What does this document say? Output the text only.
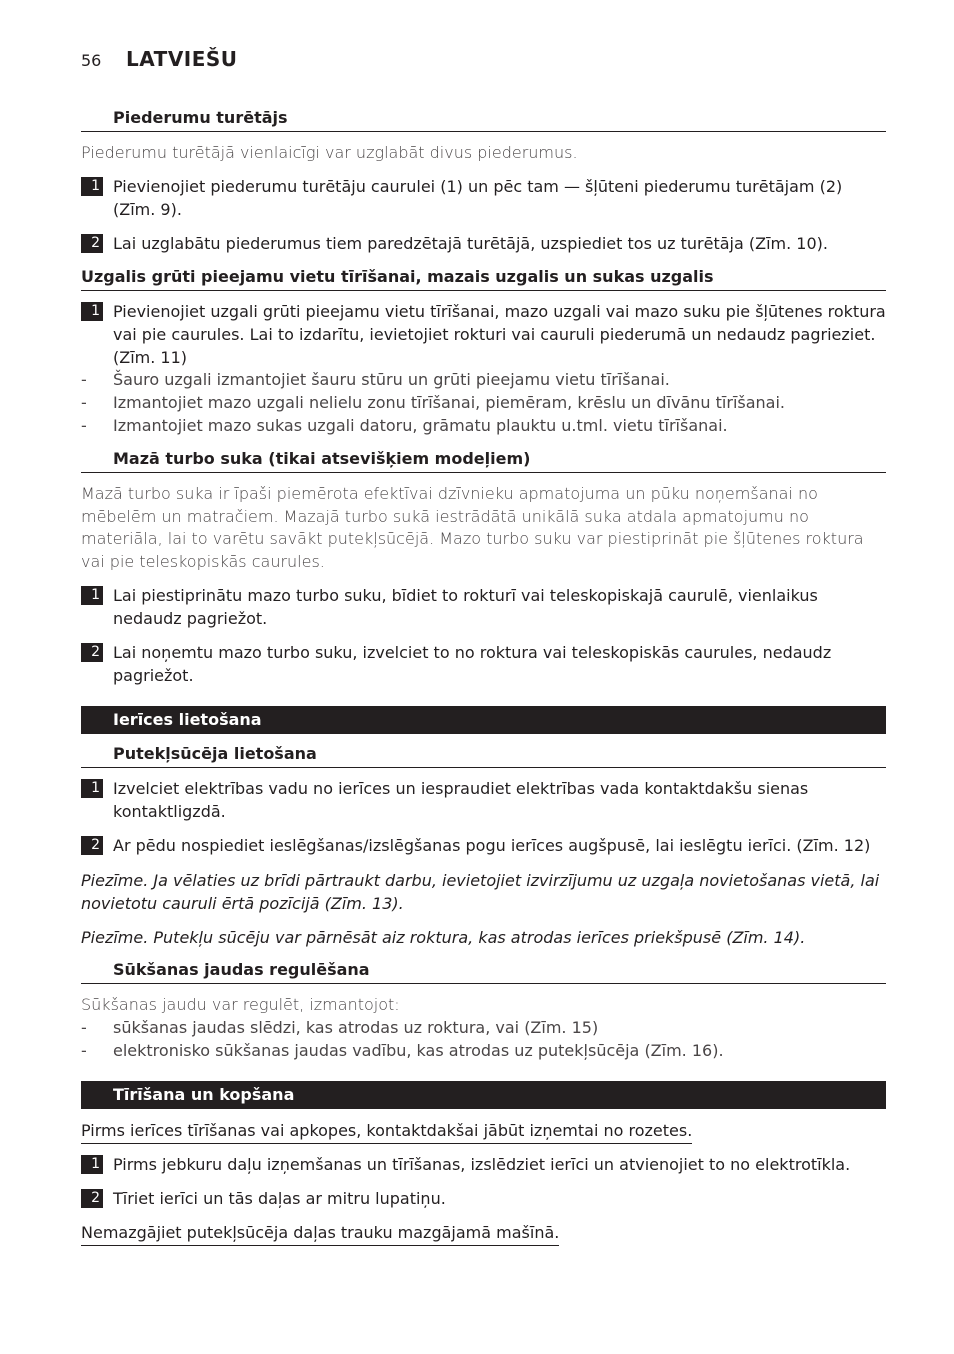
56	LATVIEŠU
Piederumu turētājs
Piederumu turētājā vienlaicīgi var uzglabāt divus piederumus.
1 Pievienojiet piederumu turētāju caurulei (1) un pēc tam — šļūteni piederumu turētājam (2) (Zīm. 9).
2 Lai uzglabātu piederumus tiem paredzētajā turētājā, uzspiediet tos uz turētāja (Zīm. 10).
Uzgalis grūti pieejamu vietu tīrīšanai, mazais uzgalis un sukas uzgalis
1 Pievienojiet uzgali grūti pieejamu vietu tīrīšanai, mazo uzgali vai mazo suku pie šļūtenes roktura vai pie caurules. Lai to izdarītu, ievietojiet rokturi vai cauruli piederumā un nedaudz pagrieziet. (Zīm. 11)
-	Šauro uzgali izmantojiet šauru stūru un grūti pieejamu vietu tīrīšanai.
-	Izmantojiet mazo uzgali nelielu zonu tīrīšanai, piemēram, krēslu un dīvānu tīrīšanai.
-	Izmantojiet mazo sukas uzgali datoru, grāmatu plauktu u.tml. vietu tīrīšanai.
Mazā turbo suka (tikai atsevišķiem modeļiem)
Mazā turbo suka ir īpaši piemērota efektīvai dzīvnieku apmatojuma un pūku noņemšanai no mēbelēm un matračiem. Mazajā turbo sukā iestrādātā unikālā suka atdala apmatojumu no materiāla, lai to varētu savākt putekļsūcējā. Mazo turbo suku var piestiprināt pie šļūtenes roktura vai pie teleskopiskās caurules.
1 Lai piestiprinātu mazo turbo suku, bīdiet to rokturī vai teleskopiskajā caurulē, vienlaikus nedaudz pagriežot.
2 Lai noņemtu mazo turbo suku, izvelciet to no roktura vai teleskopiskās caurules, nedaudz pagriežot.
Ierīces lietošana
Putekļsūcēja lietošana
1 Izvelciet elektrības vadu no ierīces un iespraudiet elektrības vada kontaktdakšu sienas kontaktligzdā.
2 Ar pēdu nospiediet ieslēgšanas/izslēgšanas pogu ierīces augšpusē, lai ieslēgtu ierīci. (Zīm. 12)
Piezīme. Ja vēlaties uz brīdi pārtraukt darbu, ievietojiet izvirzījumu uz uzgaļa novietošanas vietā, lai novietotu cauruli ērtā pozīcijā (Zīm. 13).
Piezīme. Putekļu sūcēju var pārnēsāt aiz roktura, kas atrodas ierīces priekšpusē (Zīm. 14).
Sūkšanas jaudas regulēšana
Sūkšanas jaudu var regulēt, izmantojot:
-	sūkšanas jaudas slēdzi, kas atrodas uz roktura, vai (Zīm. 15)
-	elektronisko sūkšanas jaudas vadību, kas atrodas uz putekļsūcēja (Zīm. 16).
Tīrīšana un kopšana
Pirms ierīces tīrīšanas vai apkopes, kontaktdakšai jābūt izņemtai no rozetes.
1 Pirms jebkuru daļu izņemšanas un tīrīšanas, izslēdziet ierīci un atvienojiet to no elektrotīkla.
2 Tīriet ierīci un tās daļas ar mitru lupatiņu.
Nemazgājiet putekļsūcēja daļas trauku mazgājamā mašīnā.
